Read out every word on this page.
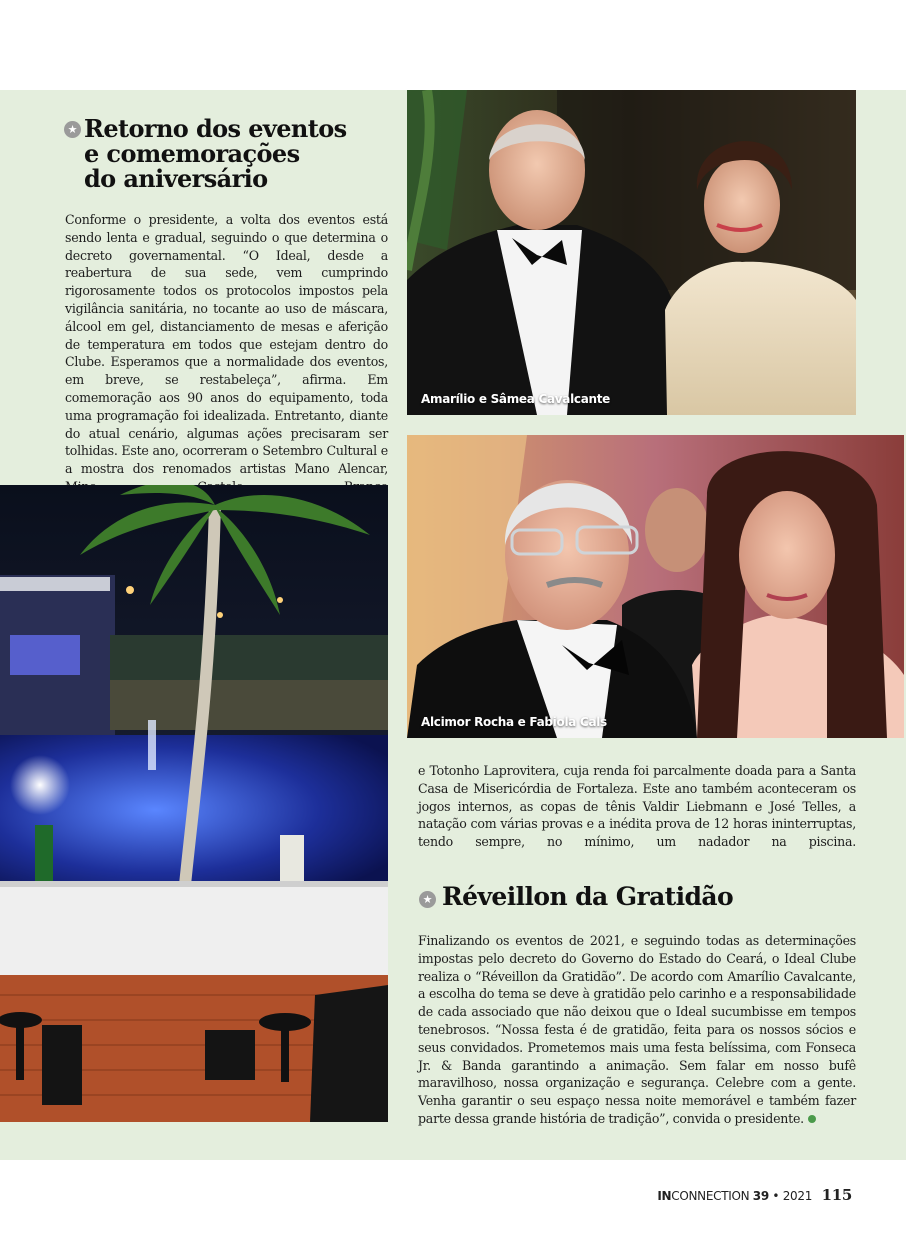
★ Retorno dos eventos
e comemorações
do aniversário

Conforme o presidente, a volta dos eventos está sendo lenta e gradual, seguindo o que determina o decreto governamental. “O Ideal, desde a reabertura de sua sede, vem cumprindo rigorosamente todos os protocolos impostos pela vigilância sanitária, no tocante ao uso de máscara, álcool em gel, distanciamento de mesas e aferição de temperatura em todos que estejam dentro do Clube. Esperamos que a normalidade dos eventos, em breve, se restabeleça”, afirma. Em comemoração aos 90 anos do equipamento, toda uma programação foi idealizada. Entretanto, diante do atual cenário, algumas ações precisaram ser tolhidas. Este ano, ocorreram o Setembro Cultural e a mostra dos renomados artistas Mano Alencar,

Amarílio e Sâmea Cavalcante
Alcimor Rocha e Fabiola Cals

e Totonho Laprovitera, cuja renda foi parcalmente doada para a Santa Casa de Misericórdia de Fortaleza. Este ano também aconteceram os jogos internos, as copas de tênis Valdir Liebmann e José Telles, a natação com várias provas e a inédita prova de 12 horas ininterruptas, tendo sempre, no mínimo, um nadador na piscina.

★ Réveillon da Gratidão

Finalizando os eventos de 2021, e seguindo todas as determinações impostas pelo decreto do Governo do Estado do Ceará, o Ideal Clube realiza o “Réveillon da Gratidão”. De acordo com Amarílio Cavalcante, a escolha do tema se deve à gratidão pelo carinho e a responsabilidade de cada associado que não deixou que o Ideal sucumbisse em tempos tenebrosos. “Nossa festa é de gratidão, feita para os nossos sócios e seus convidados. Prometemos mais uma festa belíssima, com Fonseca Jr. & Banda garantindo a animação. Sem falar em nosso bufê maravilhoso, nossa organização e segurança. Celebre com a gente. Venha garantir o seu espaço nessa noite memorável e também fazer parte dessa grande história de tradição”, convida o presidente.

INCONNECTION 39 • 2021 115
